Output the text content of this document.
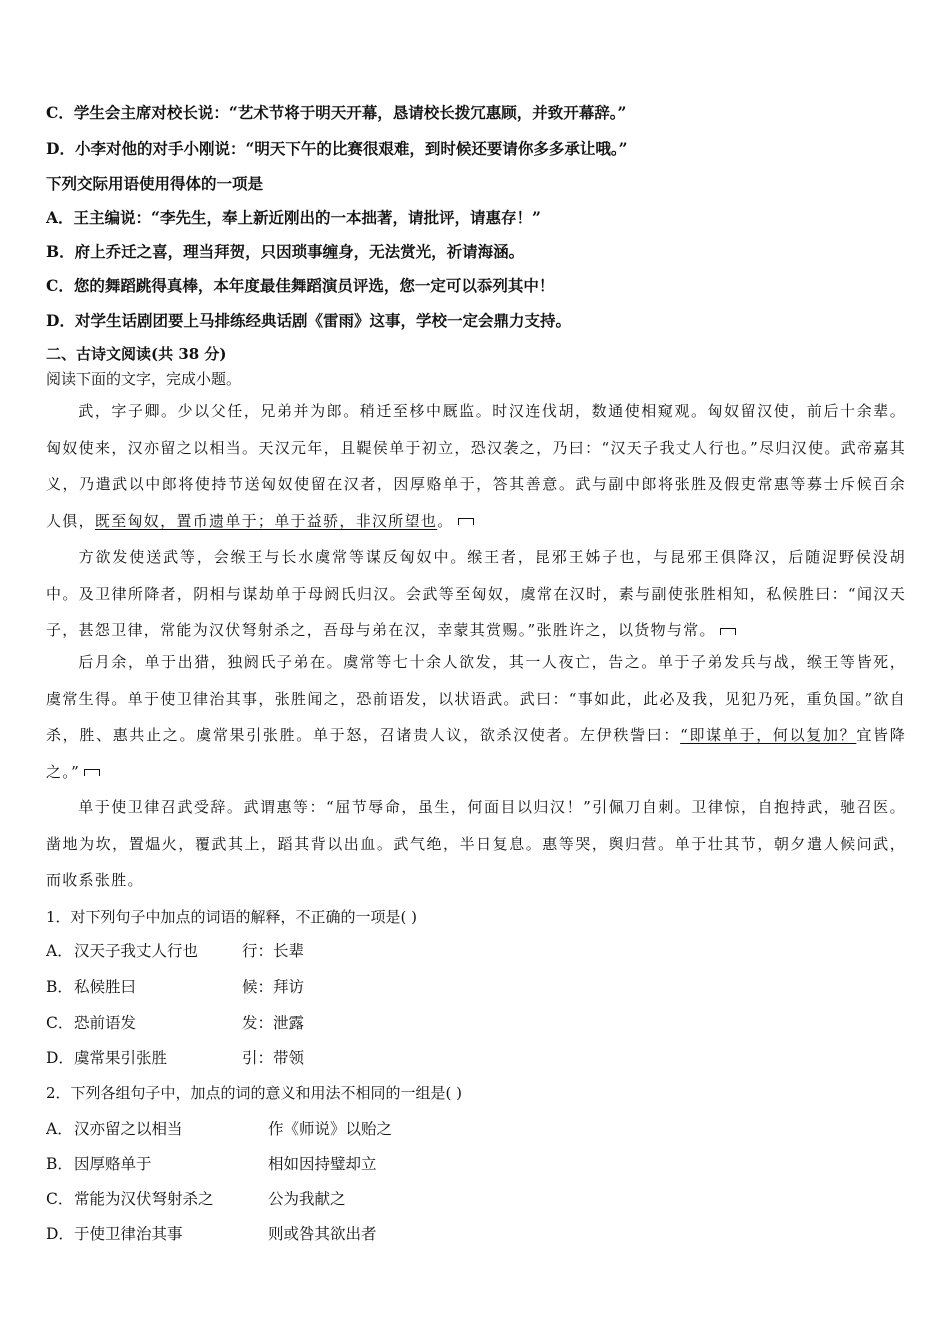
C．学生会主席对校长说：“艺术节将于明天开幕，恳请校长拨冗惠顾，并致开幕辞。”
D．小李对他的对手小刚说：“明天下午的比赛很艰难，到时候还要请你多多承让哦。”
下列交际用语使用得体的一项是
A．王主编说：“李先生，奉上新近刚出的一本拙著，请批评，请惠存！”
B．府上乔迁之喜，理当拜贺，只因琐事缠身，无法赏光，祈请海涵。
C．您的舞蹈跳得真棒，本年度最佳舞蹈演员评选，您一定可以忝列其中！
D．对学生话剧团要上马排练经典话剧《雷雨》这事，学校一定会鼎力支持。
二、古诗文阅读(共 38 分)
阅读下面的文字，完成小题。
武，字子卿。少以父任，兄弟并为郎。稍迁至栘中厩监。时汉连伐胡，数通使相窥观。匈奴留汉使，前后十余辈。匈奴使来，汉亦留之以相当。天汉元年，且鞮侯单于初立，恐汉袭之，乃曰：“汉天子我丈人行也。”尽归汉使。武帝嘉其义，乃遣武以中郎将使持节送匈奴使留在汉者，因厚赂单于，答其善意。武与副中郎将张胜及假吏常惠等募士斥候百余人俱，既至匈奴，置币遗单于；单于益骄，非汉所望也。
方欲发使送武等，会缑王与长水虞常等谋反匈奴中。缑王者，昆邪王姊子也，与昆邪王俱降汉，后随浞野侯没胡中。及卫律所降者，阴相与谋劫单于母阏氏归汉。会武等至匈奴，虞常在汉时，素与副使张胜相知，私候胜曰：“闻汉天子，甚怨卫律，常能为汉伏弩射杀之，吾母与弟在汉，幸蒙其赏赐。”张胜许之，以货物与常。
后月余，单于出猎，独阏氏子弟在。虞常等七十余人欲发，其一人夜亡，告之。单于子弟发兵与战，缑王等皆死，虞常生得。单于使卫律治其事，张胜闻之，恐前语发，以状语武。武曰：“事如此，此必及我，见犯乃死，重负国。”欲自杀，胜、惠共止之。虞常果引张胜。单于怒，召诸贵人议，欲杀汉使者。左伊秩訾曰：“即谋单于，何以复加？宜皆降之。”
单于使卫律召武受辞。武谓惠等：“屈节辱命，虽生，何面目以归汉！”引佩刀自刺。卫律惊，自抱持武，驰召医。凿地为坎，置煴火，覆武其上，蹈其背以出血。武气绝，半日复息。惠等哭，舆归营。单于壮其节，朝夕遣人候问武，而收系张胜。
1．对下列句子中加点的词语的解释，不正确的一项是( )
A．汉天子我丈人行也	行：长辈
B．私候胜曰	候：拜访
C．恐前语发	发：泄露
D．虞常果引张胜	引：带领
2．下列各组句子中，加点的词的意义和用法不相同的一组是( )
A．汉亦留之以相当	作《师说》以贻之
B．因厚赂单于	相如因持璧却立
C．常能为汉伏弩射杀之	公为我献之
D．于使卫律治其事	则或咎其欲出者
